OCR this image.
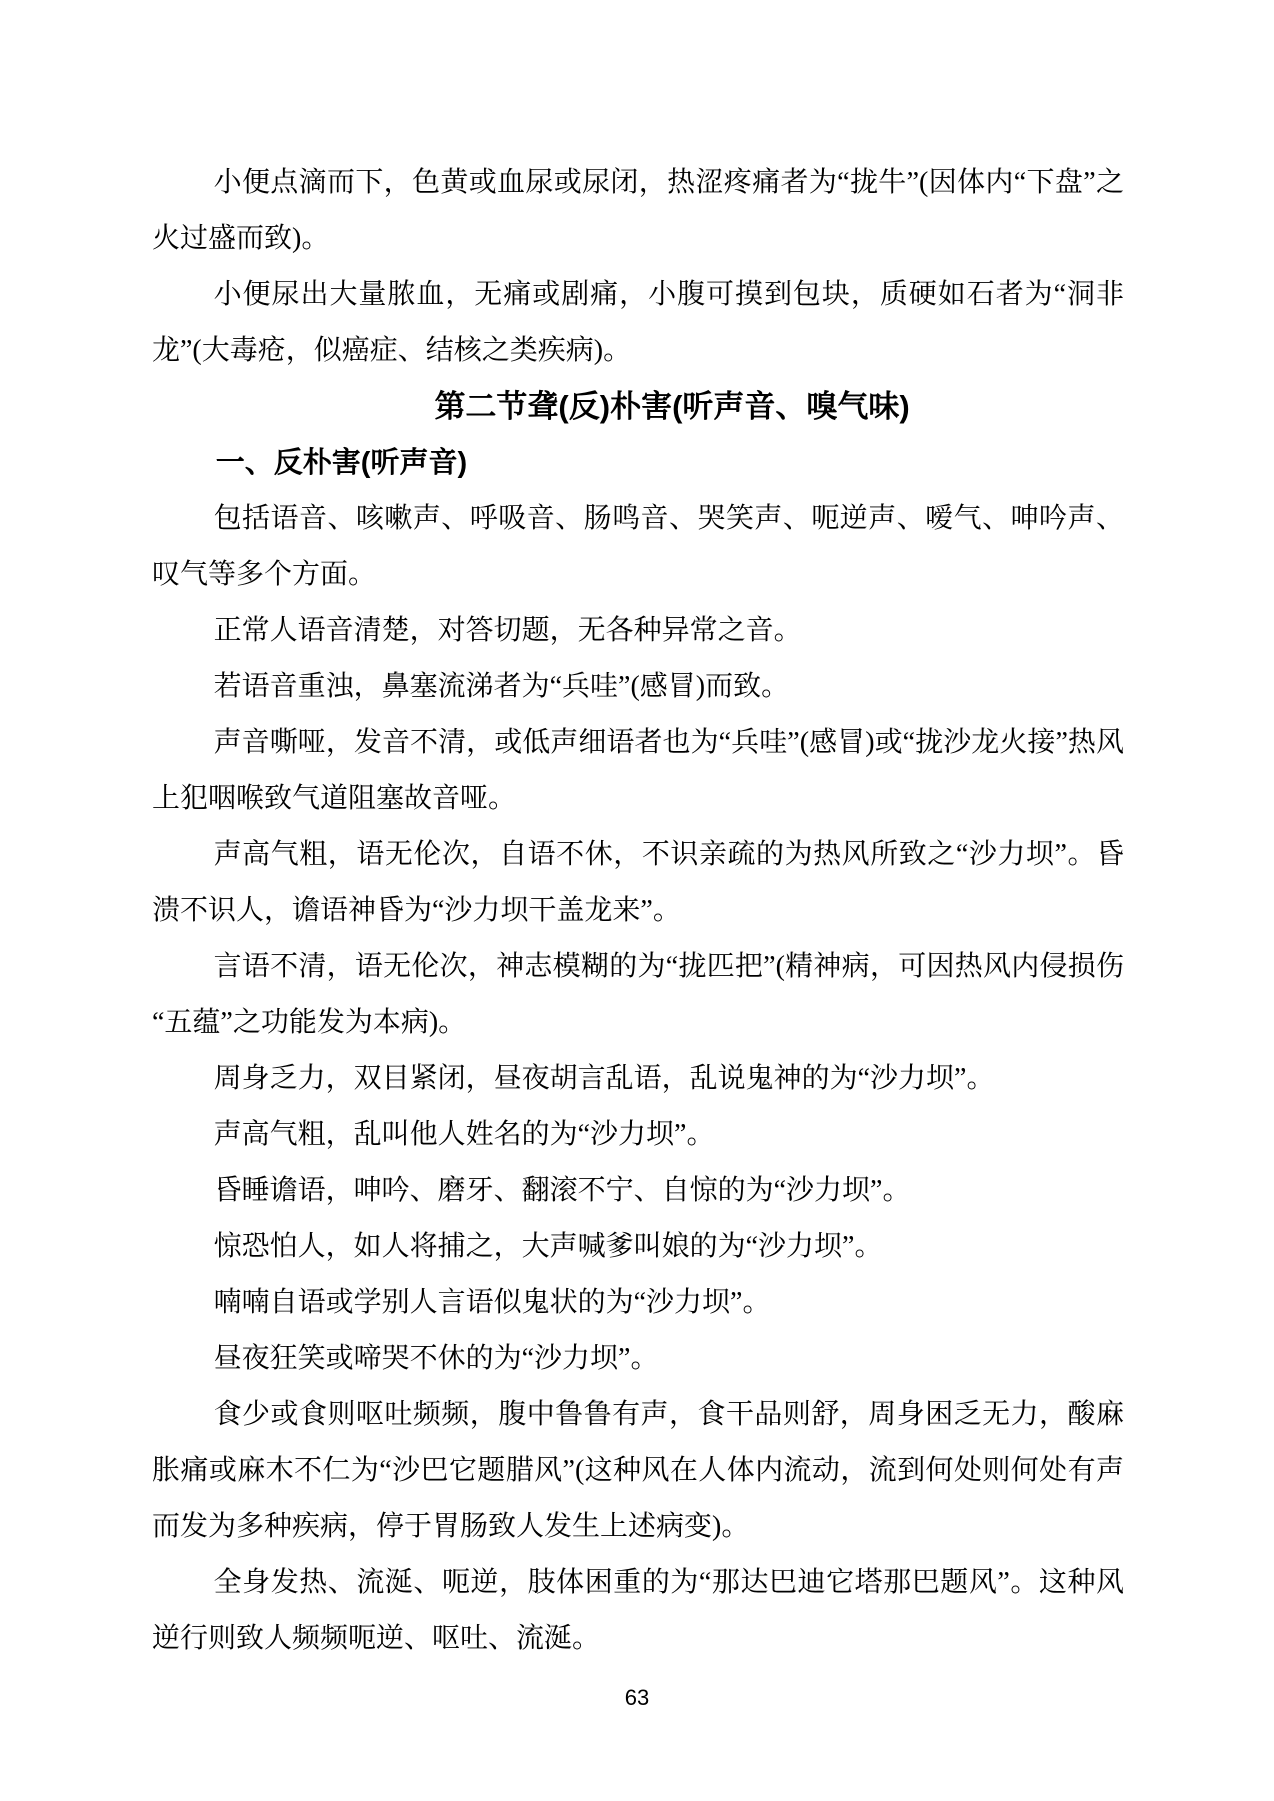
小便点滴而下，色黄或血尿或尿闭，热涩疼痛者为“拢牛”(因体内“下盘”之火过盛而致)。

小便尿出大量脓血，无痛或剧痛，小腹可摸到包块，质硬如石者为“洞非龙”(大毒疮，似癌症、结核之类疾病)。

第二节聋(反)朴害(听声音、嗅气味)

一、反朴害(听声音)

包括语音、咳嗽声、呼吸音、肠鸣音、哭笑声、呃逆声、嗳气、呻吟声、叹气等多个方面。

正常人语音清楚，对答切题，无各种异常之音。

若语音重浊，鼻塞流涕者为“兵哇”(感冒)而致。

声音嘶哑，发音不清，或低声细语者也为“兵哇”(感冒)或“拢沙龙火接”热风上犯咽喉致气道阻塞故音哑。

声高气粗，语无伦次，自语不休，不识亲疏的为热风所致之“沙力坝”。昏溃不识人，谵语神昏为“沙力坝干盖龙来”。

言语不清，语无伦次，神志模糊的为“拢匹把”(精神病，可因热风内侵损伤“五蕴”之功能发为本病)。

周身乏力，双目紧闭，昼夜胡言乱语，乱说鬼神的为“沙力坝”。

声高气粗，乱叫他人姓名的为“沙力坝”。

昏睡谵语，呻吟、磨牙、翻滚不宁、自惊的为“沙力坝”。

惊恐怕人，如人将捕之，大声喊爹叫娘的为“沙力坝”。

喃喃自语或学别人言语似鬼状的为“沙力坝”。

昼夜狂笑或啼哭不休的为“沙力坝”。

食少或食则呕吐频频，腹中鲁鲁有声，食干品则舒，周身困乏无力，酸麻胀痛或麻木不仁为“沙巴它题腊风”(这种风在人体内流动，流到何处则何处有声而发为多种疾病，停于胃肠致人发生上述病变)。

全身发热、流涎、呃逆，肢体困重的为“那达巴迪它塔那巴题风”。这种风逆行则致人频频呃逆、呕吐、流涎。

63
